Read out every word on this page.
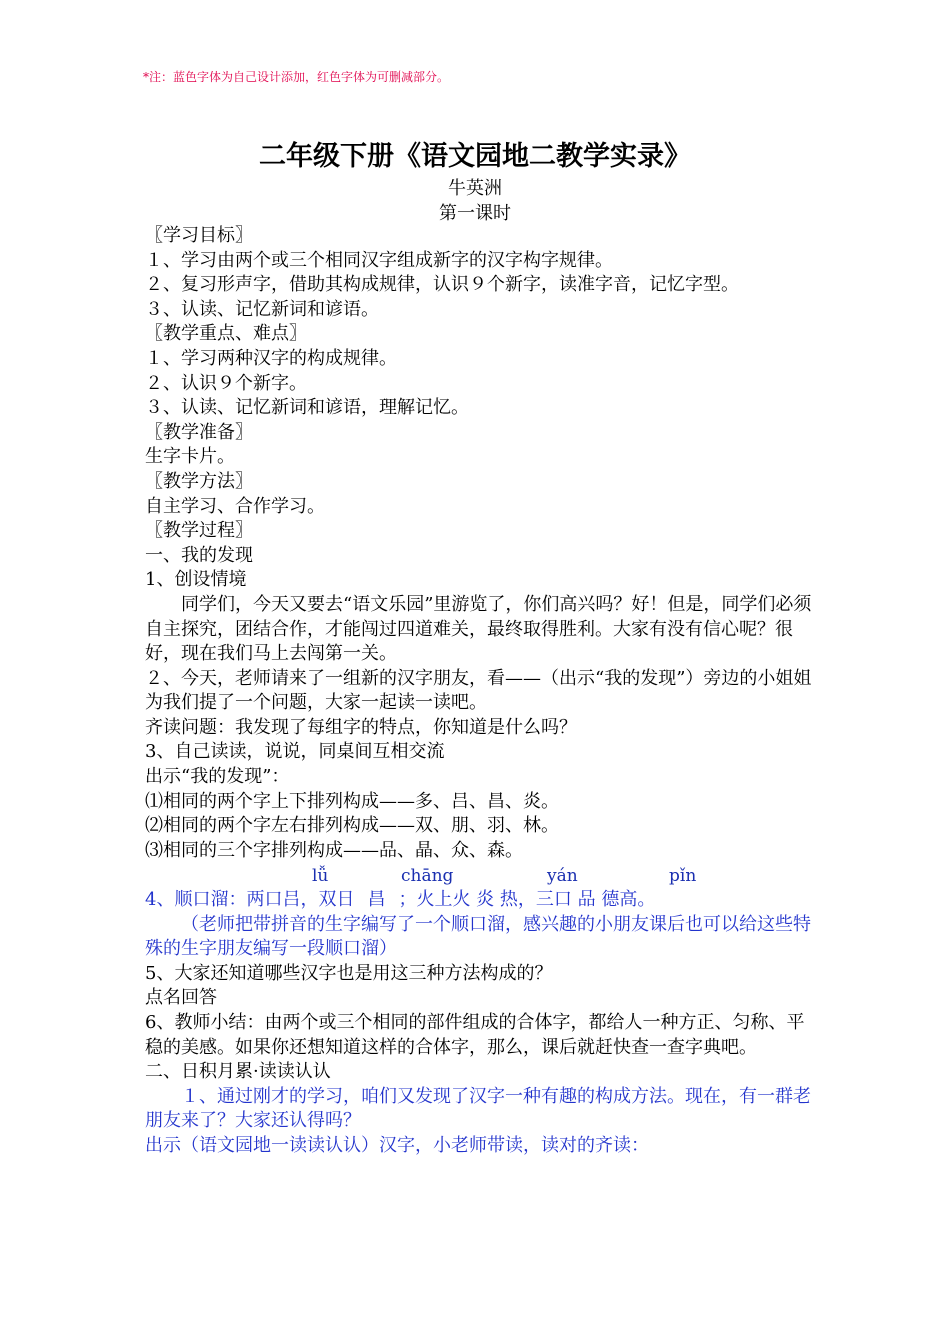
*注：蓝色字体为自己设计添加，红色字体为可删减部分。
二年级下册《语文园地二教学实录》
牛英洲
第一课时

〖学习目标〗

１、学习由两个或三个相同汉字组成新字的汉字构字规律。

２、复习形声字，借助其构成规律，认识９个新字，读准字音，记忆字型。

３、认读、记忆新词和谚语。

〖教学重点、难点〗

１、学习两种汉字的构成规律。

２、认识９个新字。

３、认读、记忆新词和谚语，理解记忆。

〖教学准备〗

生字卡片。

〖教学方法〗

自主学习、合作学习。

〖教学过程〗

一、我的发现

1、创设情境

同学们，今天又要去“语文乐园”里游览了，你们高兴吗？好！但是，同学们必须自主探究，团结合作，才能闯过四道难关，最终取得胜利。大家有没有信心呢？很好，现在我们马上去闯第一关。

２、今天，老师请来了一组新的汉字朋友，看——（出示“我的发现”）旁边的小姐姐为我们提了一个问题，大家一起读一读吧。

齐读问题：我发现了每组字的特点，你知道是什么吗？

3、自己读读，说说，同桌间互相交流

出示“我的发现”：

⑴相同的两个字上下排列构成——多、吕、昌、炎。

⑵相同的两个字左右排列构成——双、朋、羽、林。

⑶相同的三个字排列构成——品、晶、众、森。

lǚ	chāng	yán	pǐn

4、顺口溜：两口吕，双日 昌 ；火上火 炎 热，三口 品 德高。

（老师把带拼音的生字编写了一个顺口溜，感兴趣的小朋友课后也可以给这些特殊的生字朋友编写一段顺口溜）

5、大家还知道哪些汉字也是用这三种方法构成的？

点名回答

6、教师小结：由两个或三个相同的部件组成的合体字，都给人一种方正、匀称、平稳的美感。如果你还想知道这样的合体字，那么，课后就赶快查一查字典吧。

二、日积月累·读读认认

１、通过刚才的学习，咱们又发现了汉字一种有趣的构成方法。现在，有一群老朋友来了？大家还认得吗？

出示（语文园地一读读认认）汉字，小老师带读，读对的齐读：
